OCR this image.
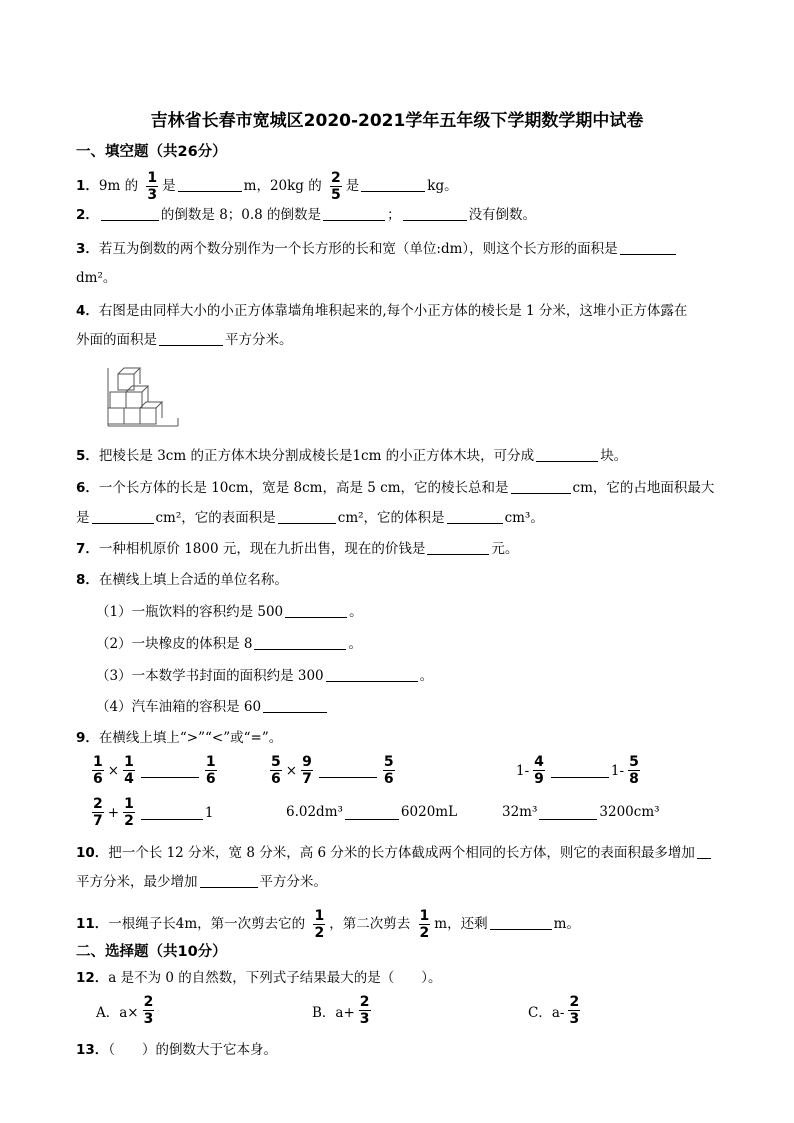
吉林省长春市宽城区2020-2021学年五年级下学期数学期中试卷
一、填空题（共26分）
1．9m 的 $\frac{1}{3}$ 是	m，20kg 的 $\frac{2}{5}$ 是	kg。
2．	的倒数是 8；0.8 的倒数是	；	没有倒数。
3．若互为倒数的两个数分别作为一个长方形的长和宽（单位:dm），则这个长方形的面积是
dm²。
4．右图是由同样大小的小正方体靠墙角堆积起来的,每个小正方体的棱长是 1 分米，这堆小正方体露在
外面的面积是	平方分米。
5．把棱长是 3cm 的正方体木块分割成棱长是1cm 的小正方体木块，可分成	块。
6．一个长方体的长是 10cm，宽是 8cm，高是 5 cm，它的棱长总和是	cm，它的占地面积最大
是	cm²，它的表面积是	cm²，它的体积是	cm³。
7．一种相机原价 1800 元，现在九折出售，现在的价钱是	元。
8．在横线上填上合适的单位名称。
（1）一瓶饮料的容积约是 500	。
（2）一块橡皮的体积是 8	。
（3）一本数学书封面的面积约是 300	。
（4）汽车油箱的容积是 60
9．在横线上填上“>”“<”或“=”。
$\frac{1}{6} \times \frac{1}{4}$	$\frac{1}{6}$	$\frac{5}{6} \times \frac{9}{7}$	$\frac{5}{6}$	$1- \frac{4}{9}$	$1- \frac{5}{8}$
$\frac{2}{7} + \frac{1}{2}$	1	6.02dm³	6020mL	32m³	3200cm³
10．把一个长 12 分米，宽 8 分米，高 6 分米的长方体截成两个相同的长方体，则它的表面积最多增加
平方分米，最少增加	平方分米。
11．一根绳子长4m，第一次剪去它的 $\frac{1}{2}$ ，第二次剪去 $\frac{1}{2}$ m，还剩	m。
二、选择题（共10分）
12．a 是不为 0 的自然数，下列式子结果最大的是（　　）。
A．$a\times \frac{2}{3}$	B．$a+ \frac{2}{3}$	C．$a- \frac{2}{3}$
13．（　　）的倒数大于它本身。
